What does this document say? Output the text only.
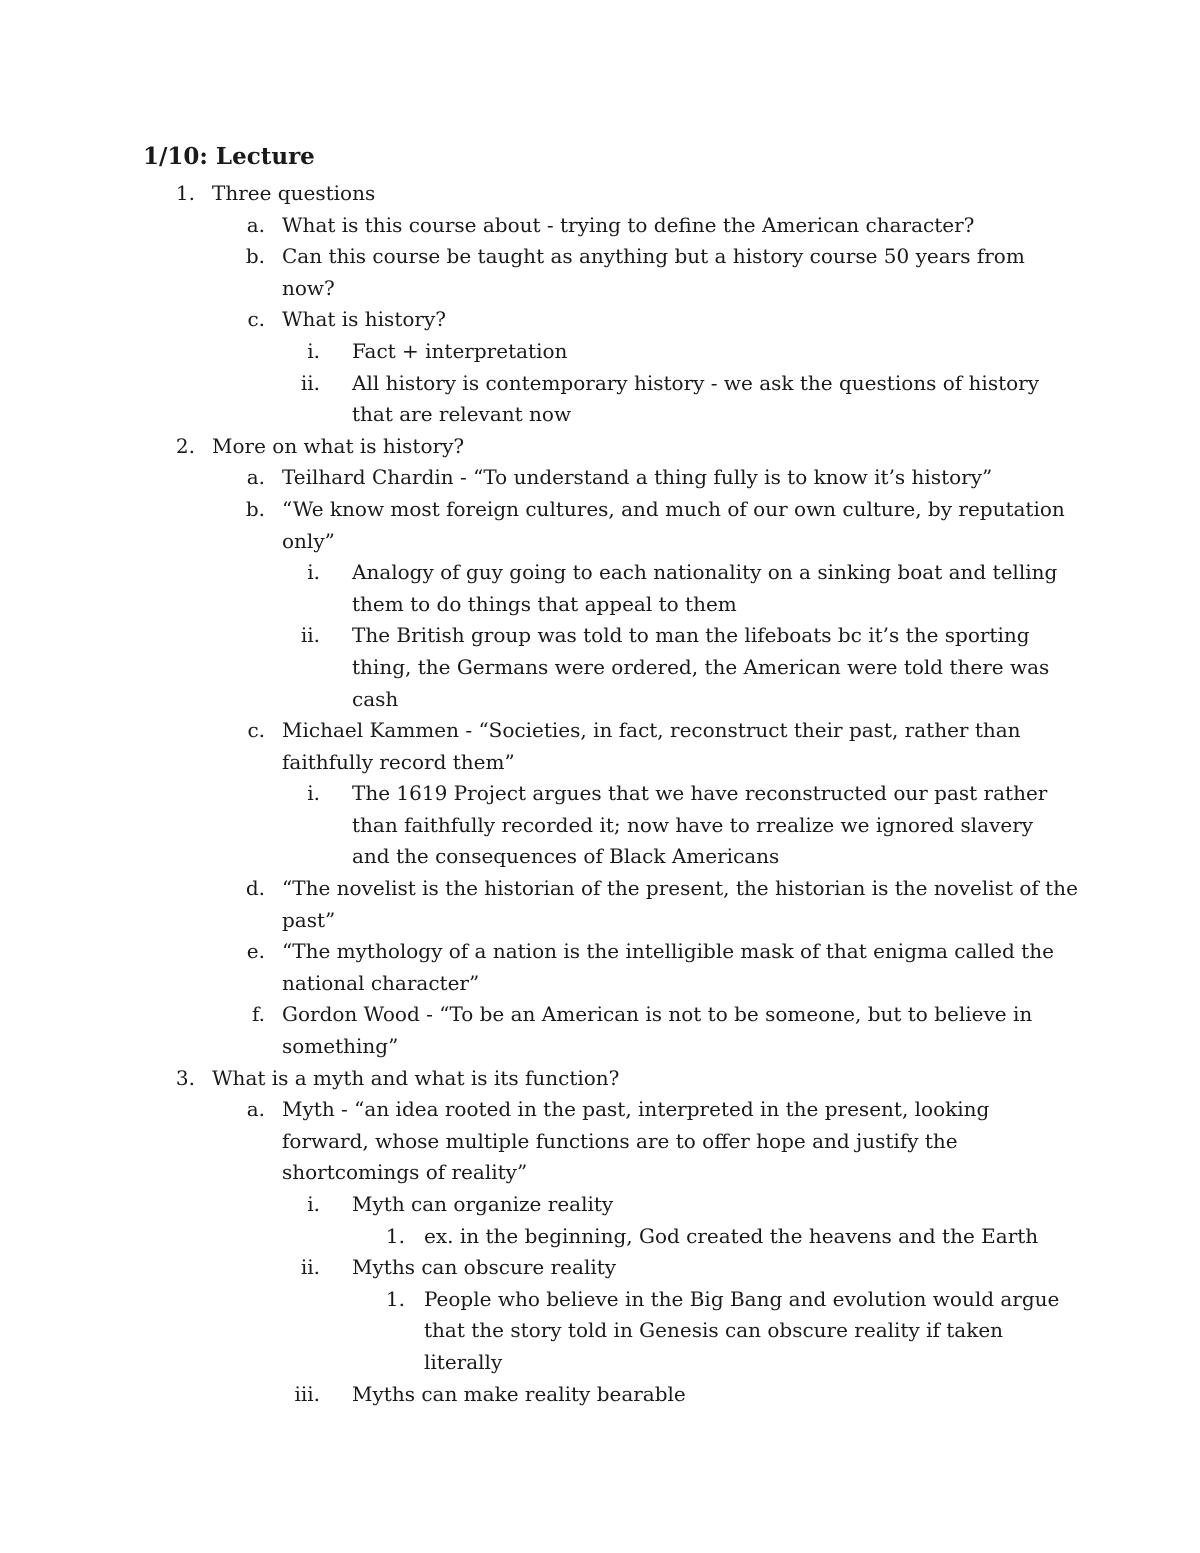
1/10: Lecture
1. Three questions
a. What is this course about - trying to define the American character?
b. Can this course be taught as anything but a history course 50 years from
now?
c. What is history?
i. Fact + interpretation
ii. All history is contemporary history - we ask the questions of history
that are relevant now
2. More on what is history?
a. Teilhard Chardin - “To understand a thing fully is to know it’s history”
b. “We know most foreign cultures, and much of our own culture, by reputation
only”
i. Analogy of guy going to each nationality on a sinking boat and telling
them to do things that appeal to them
ii. The British group was told to man the lifeboats bc it’s the sporting
thing, the Germans were ordered, the American were told there was
cash
c. Michael Kammen - “Societies, in fact, reconstruct their past, rather than
faithfully record them”
i. The 1619 Project argues that we have reconstructed our past rather
than faithfully recorded it; now have to rrealize we ignored slavery
and the consequences of Black Americans
d. “The novelist is the historian of the present, the historian is the novelist of the
past”
e. “The mythology of a nation is the intelligible mask of that enigma called the
national character”
f. Gordon Wood - “To be an American is not to be someone, but to believe in
something”
3. What is a myth and what is its function?
a. Myth - “an idea rooted in the past, interpreted in the present, looking
forward, whose multiple functions are to offer hope and justify the
shortcomings of reality”
i. Myth can organize reality
1. ex. in the beginning, God created the heavens and the Earth
ii. Myths can obscure reality
1. People who believe in the Big Bang and evolution would argue
that the story told in Genesis can obscure reality if taken
literally
iii. Myths can make reality bearable
